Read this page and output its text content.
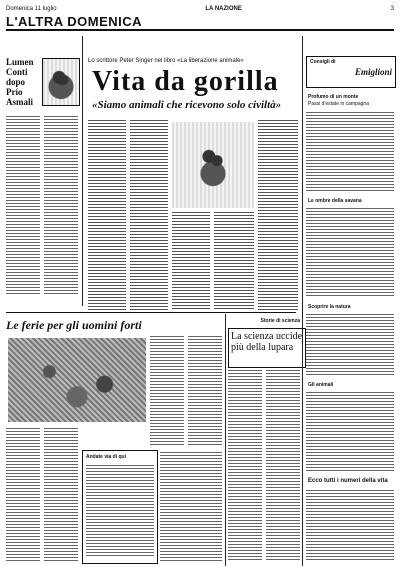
Domenica 11 luglio	LA NAZIONE	3
L'ALTRA DOMENICA
Lumen
Conti
dopo
Prío
Asmali
Lo scrittore Peter Singer nel libro «La liberazione animale»
Vita da gorilla
«Siamo animali che ricevono solo civiltà»
Consigli di
Emiglioni
Profumo di un monte
Passi d'estate in campagna
Le ombre della savana
Scoprire la natura
Gli animali
Ecco tutti i numeri della vita
Le ferie per gli uomini forti
Andate via di qui
Storie di scienza
La scienza uccide più della lupara
